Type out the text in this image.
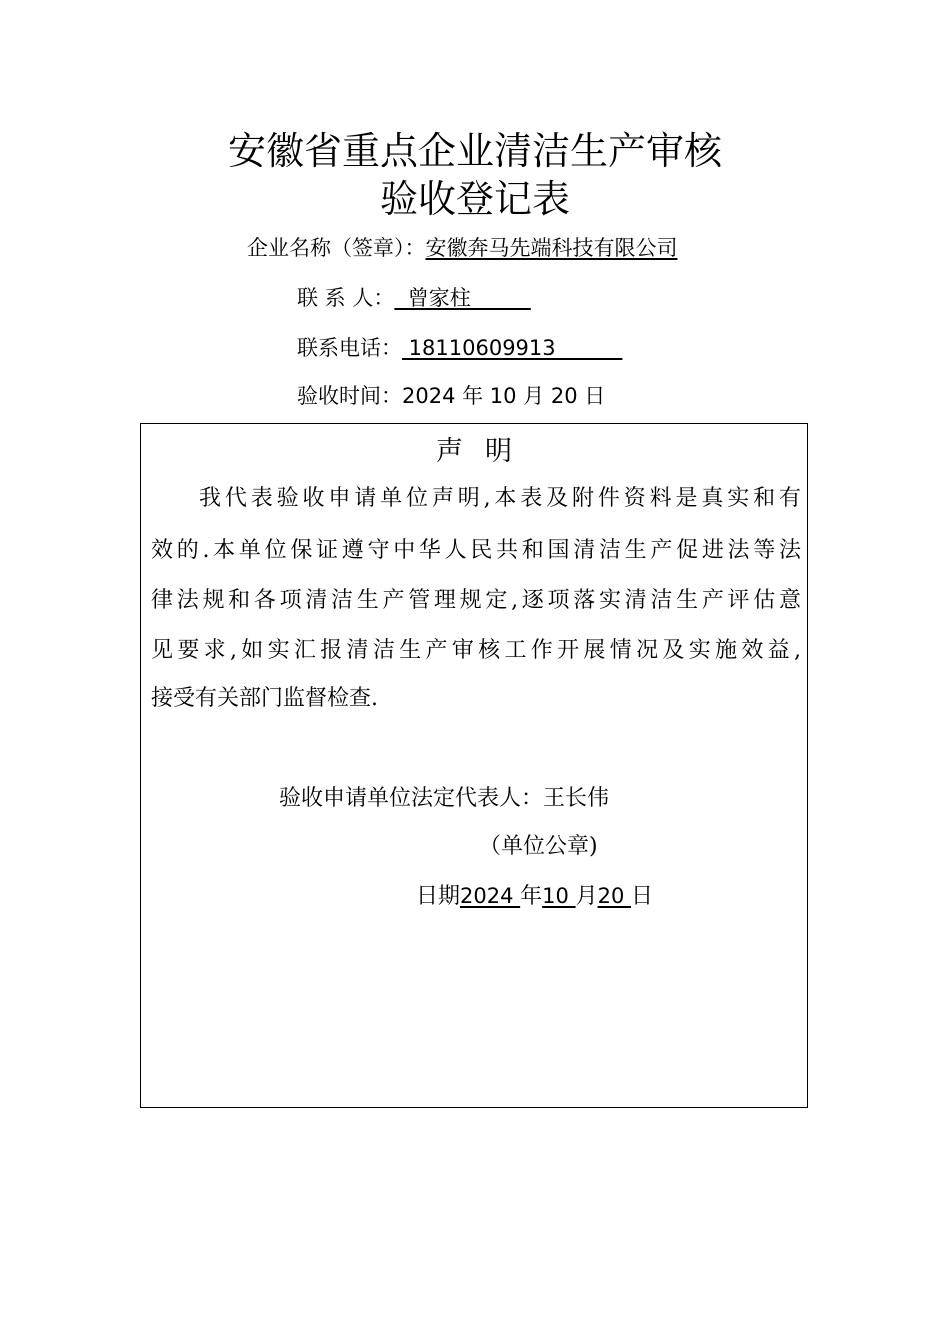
安徽省重点企业清洁生产审核
验收登记表
企业名称（签章）：安徽奔马先端科技有限公司
联 系 人：  曾家柱
联系电话： 18110609913
验收时间：2024 年 10 月 20 日
声明
我代表验收申请单位声明,本表及附件资料是真实和有
效的.本单位保证遵守中华人民共和国清洁生产促进法等法
律法规和各项清洁生产管理规定,逐项落实清洁生产评估意
见要求,如实汇报清洁生产审核工作开展情况及实施效益,
接受有关部门监督检查.
验收申请单位法定代表人：王长伟
（单位公章)
日期2024 年10 月20 日
